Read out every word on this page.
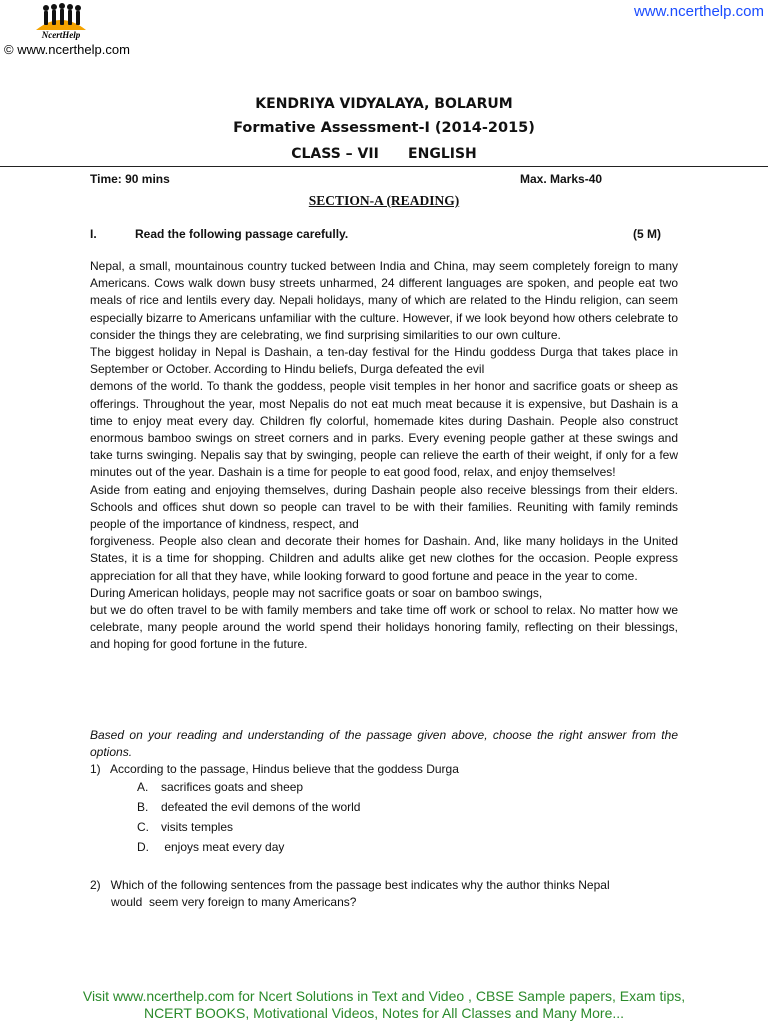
NcertHelp
© www.ncerthelp.com
www.ncerthelp.com
KENDRIYA VIDYALAYA, BOLARUM
Formative Assessment-I (2014-2015)
CLASS – VII      ENGLISH
Time: 90 mins	Max. Marks-40
SECTION-A (READING)
I.	Read the following passage carefully.	(5 M)

Nepal, a small, mountainous country tucked between India and China, may seem completely foreign to many Americans. Cows walk down busy streets unharmed, 24 different languages are spoken, and people eat two meals of rice and lentils every day. Nepali holidays, many of which are related to the Hindu religion, can seem especially bizarre to Americans unfamiliar with the culture. However, if we look beyond how others celebrate to consider the things they are celebrating, we find surprising similarities to our own culture.

The biggest holiday in Nepal is Dashain, a ten-day festival for the Hindu goddess Durga that takes place in September or October. According to Hindu beliefs, Durga defeated the evil

demons of the world. To thank the goddess, people visit temples in her honor and sacrifice goats or sheep as offerings. Throughout the year, most Nepalis do not eat much meat because it is expensive, but Dashain is a time to enjoy meat every day. Children fly colorful, homemade kites during Dashain. People also construct enormous bamboo swings on street corners and in parks. Every evening people gather at these swings and take turns swinging. Nepalis say that by swinging, people can relieve the earth of their weight, if only for a few minutes out of the year. Dashain is a time for people to eat good food, relax, and enjoy themselves!

Aside from eating and enjoying themselves, during Dashain people also receive blessings from their elders. Schools and offices shut down so people can travel to be with their families. Reuniting with family reminds people of the importance of kindness, respect, and

forgiveness. People also clean and decorate their homes for Dashain. And, like many holidays in the United States, it is a time for shopping. Children and adults alike get new clothes for the occasion. People express appreciation for all that they have, while looking forward to good fortune and peace in the year to come.

During American holidays, people may not sacrifice goats or soar on bamboo swings,

but we do often travel to be with family members and take time off work or school to relax. No matter how we celebrate, many people around the world spend their holidays honoring family, reflecting on their blessings, and hoping for good fortune in the future.

Based on your reading and understanding of the passage given above, choose the right answer from the options.
1)   According to the passage, Hindus believe that the goddess Durga
A. sacrifices goats and sheep
B. defeated the evil demons of the world
C. visits temples
D. enjoys meat every day
2)   Which of the following sentences from the passage best indicates why the author thinks Nepal
would  seem very foreign to many Americans?
Visit www.ncerthelp.com for Ncert Solutions in Text and Video , CBSE Sample papers, Exam tips,
NCERT BOOKS, Motivational Videos, Notes for All Classes and Many More...
